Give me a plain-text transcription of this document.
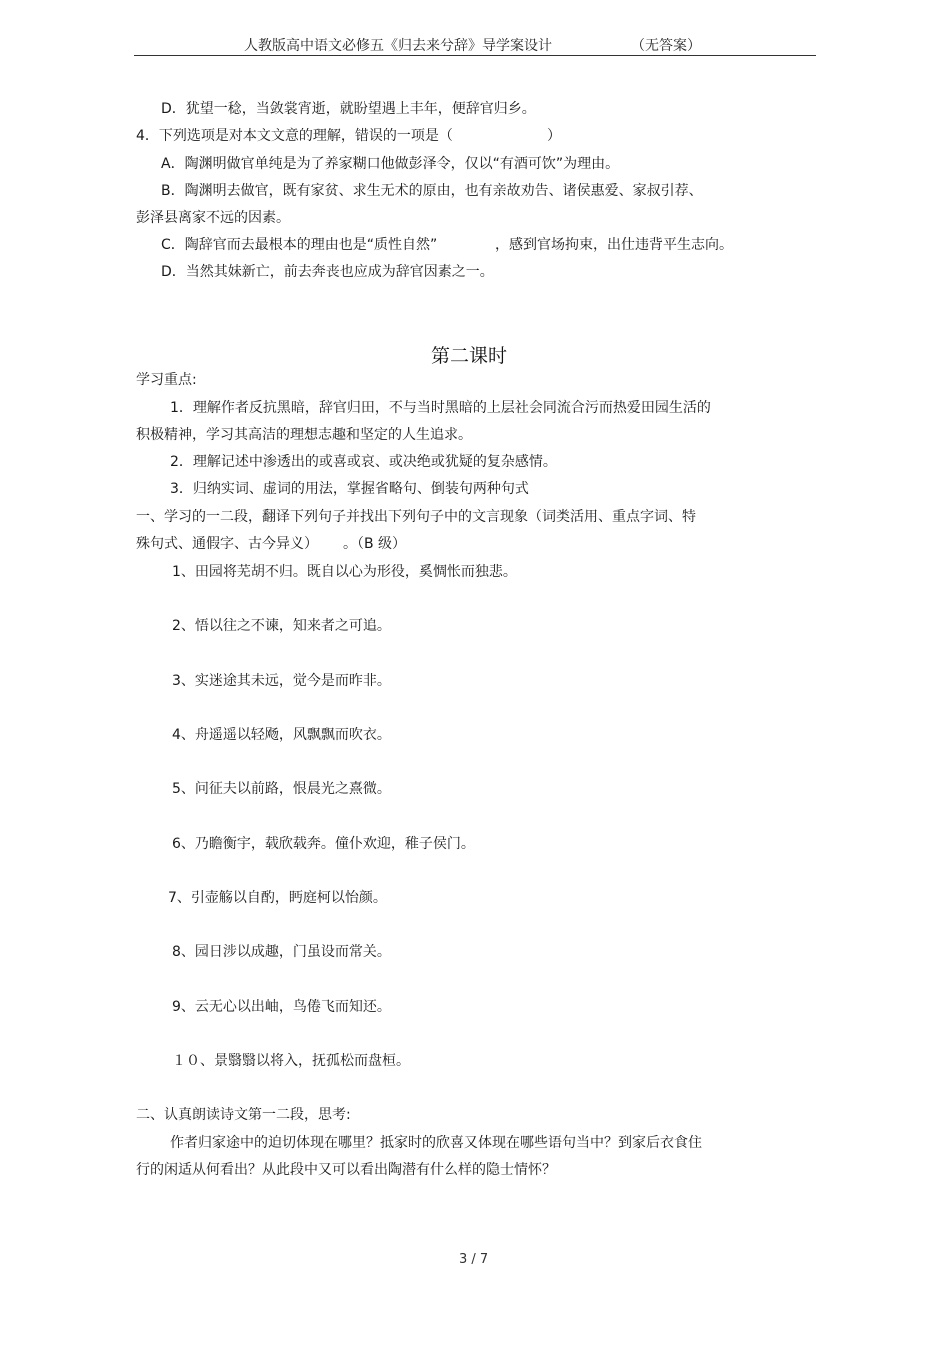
人教版高中语文必修五《归去来兮辞》导学案设计	（无答案）
D．犹望一稔，当敛裳宵逝，就盼望遇上丰年，便辞官归乡。
4．下列选项是对本文文意的理解，错误的一项是（	）
A．陶渊明做官单纯是为了养家糊口他做彭泽令，仅以“有酒可饮”为理由。
B．陶渊明去做官，既有家贫、求生无术的原由，也有亲故劝告、诸侯惠爱、家叔引荐、
彭泽县离家不远的因素。
C．陶辞官而去最根本的理由也是“质性自然”	，感到官场拘束，出仕违背平生志向。
D．当然其妹新亡，前去奔丧也应成为辞官因素之一。
第二课时
学习重点:
1．理解作者反抗黑暗，辞官归田，不与当时黑暗的上层社会同流合污而热爱田园生活的
积极精神，学习其高洁的理想志趣和坚定的人生追求。
2．理解记述中渗透出的或喜或哀、或决绝或犹疑的复杂感情。
3．归纳实词、虚词的用法，掌握省略句、倒装句两种句式
一、学习的一二段，翻译下列句子并找出下列句子中的文言现象（词类活用、重点字词、特
殊句式、通假字、古今异义） 。（B 级）
1、田园将芜胡不归。既自以心为形役，奚惆怅而独悲。
2、悟以往之不谏，知来者之可追。
3、实迷途其未远，觉今是而昨非。
4、舟遥遥以轻飏，风飘飘而吹衣。
5、问征夫以前路，恨晨光之熹微。
6、乃瞻衡宇，载欣载奔。僮仆欢迎，稚子侯门。
7、引壶觞以自酌，眄庭柯以怡颜。
8、园日涉以成趣，门虽设而常关。
9、云无心以出岫，鸟倦飞而知还。
１０、景翳翳以将入，抚孤松而盘桓。
二、认真朗读诗文第一二段，思考:
作者归家途中的迫切体现在哪里？抵家时的欣喜又体现在哪些语句当中？到家后衣食住
行的闲适从何看出？从此段中又可以看出陶潜有什么样的隐士情怀？
3 / 7
